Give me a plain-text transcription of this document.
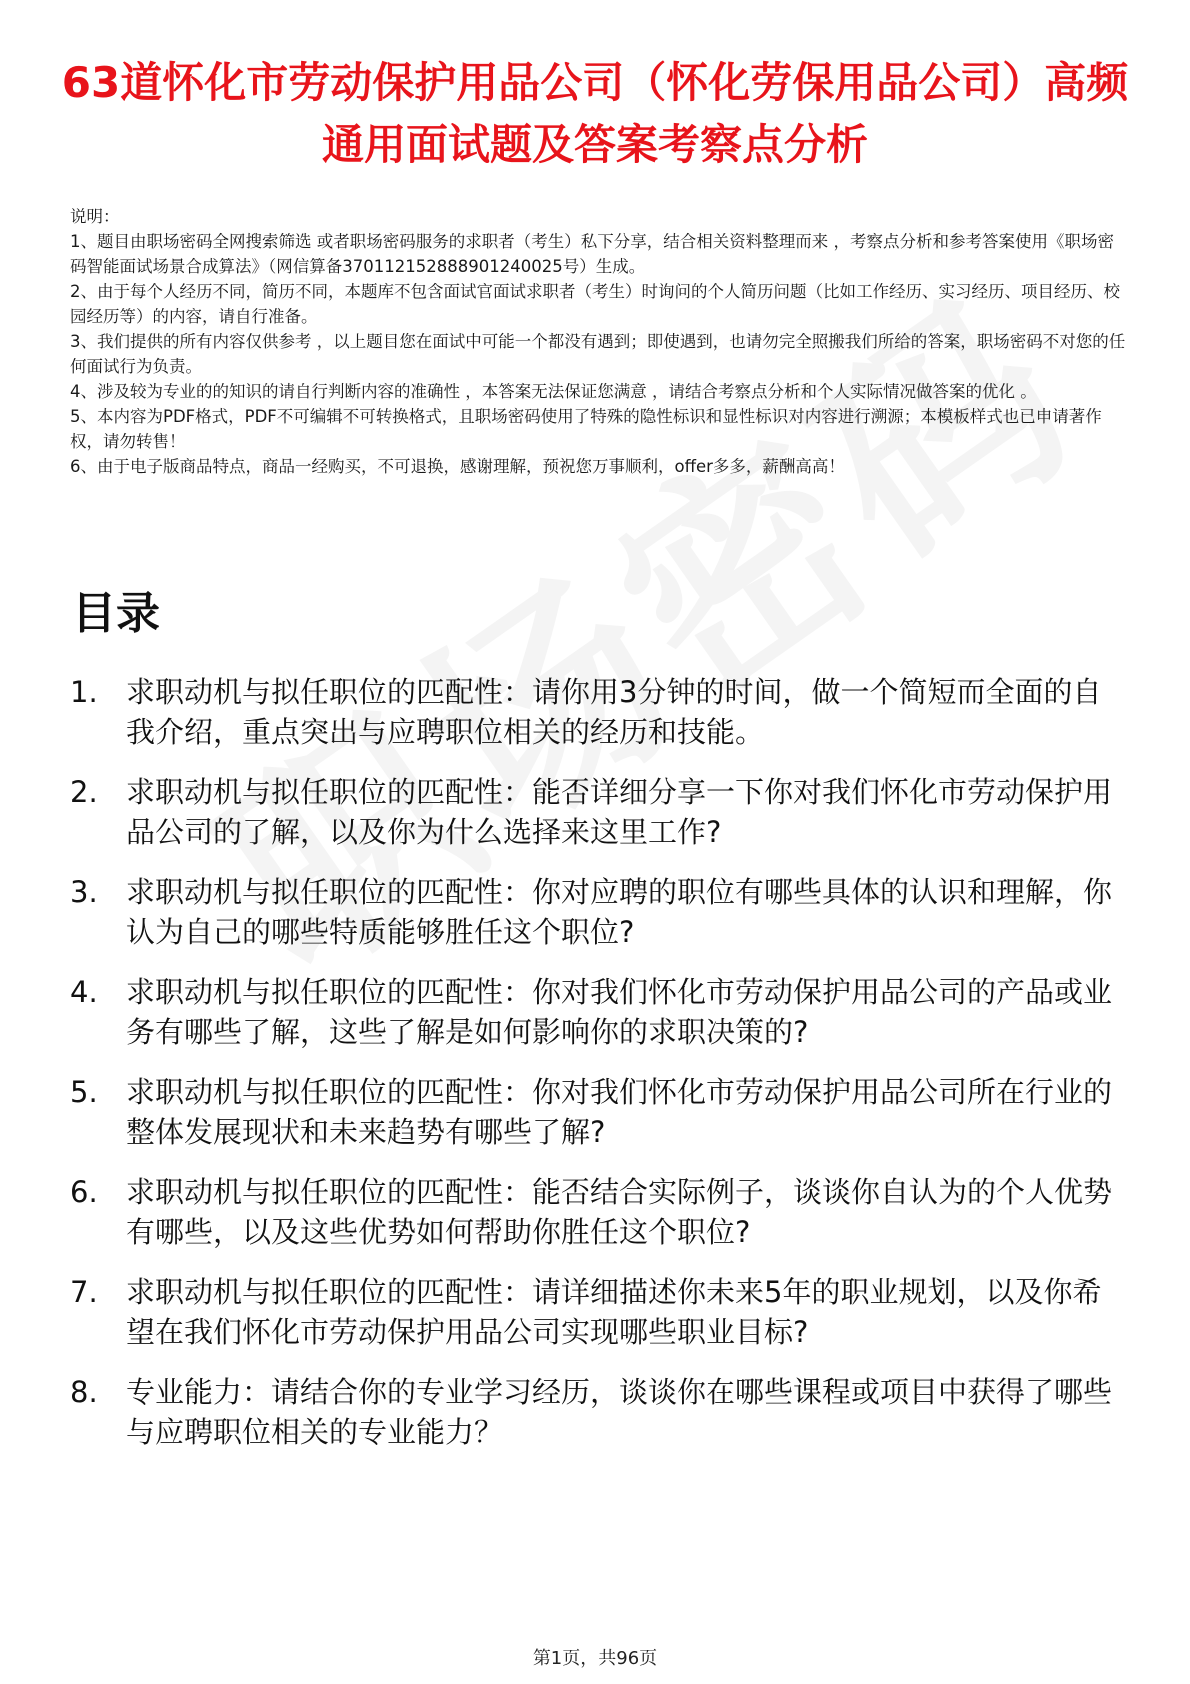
63道怀化市劳动保护用品公司（怀化劳保用品公司）高频通用面试题及答案考察点分析

说明：

1、题目由职场密码全网搜索筛选 或者职场密码服务的求职者（考生）私下分享，结合相关资料整理而来 ，考察点分析和参考答案使用《职场密码智能面试场景合成算法》（网信算备370112152888901240025号）生成。

2、由于每个人经历不同，简历不同，本题库不包含面试官面试求职者（考生）时询问的个人简历问题（比如工作经历、实习经历、项目经历、校园经历等）的内容，请自行准备。

3、我们提供的所有内容仅供参考 ，以上题目您在面试中可能一个都没有遇到；即使遇到，也请勿完全照搬我们所给的答案，职场密码不对您的任何面试行为负责。

4、涉及较为专业的的知识的请自行判断内容的准确性 ，本答案无法保证您满意 ，请结合考察点分析和个人实际情况做答案的优化 。

5、本内容为PDF格式，PDF不可编辑不可转换格式，且职场密码使用了特殊的隐性标识和显性标识对内容进行溯源；本模板样式也已申请著作权，请勿转售！

6、由于电子版商品特点，商品一经购买，不可退换，感谢理解，预祝您万事顺利，offer多多，薪酬高高！

目录
1. 求职动机与拟任职位的匹配性：请你用3分钟的时间，做一个简短而全面的自我介绍，重点突出与应聘职位相关的经历和技能。
2. 求职动机与拟任职位的匹配性：能否详细分享一下你对我们怀化市劳动保护用品公司的了解，以及你为什么选择来这里工作?
3. 求职动机与拟任职位的匹配性：你对应聘的职位有哪些具体的认识和理解，你认为自己的哪些特质能够胜任这个职位?
4. 求职动机与拟任职位的匹配性：你对我们怀化市劳动保护用品公司的产品或业务有哪些了解，这些了解是如何影响你的求职决策的?
5. 求职动机与拟任职位的匹配性：你对我们怀化市劳动保护用品公司所在行业的整体发展现状和未来趋势有哪些了解?
6. 求职动机与拟任职位的匹配性：能否结合实际例子，谈谈你自认为的个人优势有哪些，以及这些优势如何帮助你胜任这个职位?
7. 求职动机与拟任职位的匹配性：请详细描述你未来5年的职业规划，以及你希望在我们怀化市劳动保护用品公司实现哪些职业目标?
8. 专业能力：请结合你的专业学习经历，谈谈你在哪些课程或项目中获得了哪些与应聘职位相关的专业能力？
第1页，共96页
